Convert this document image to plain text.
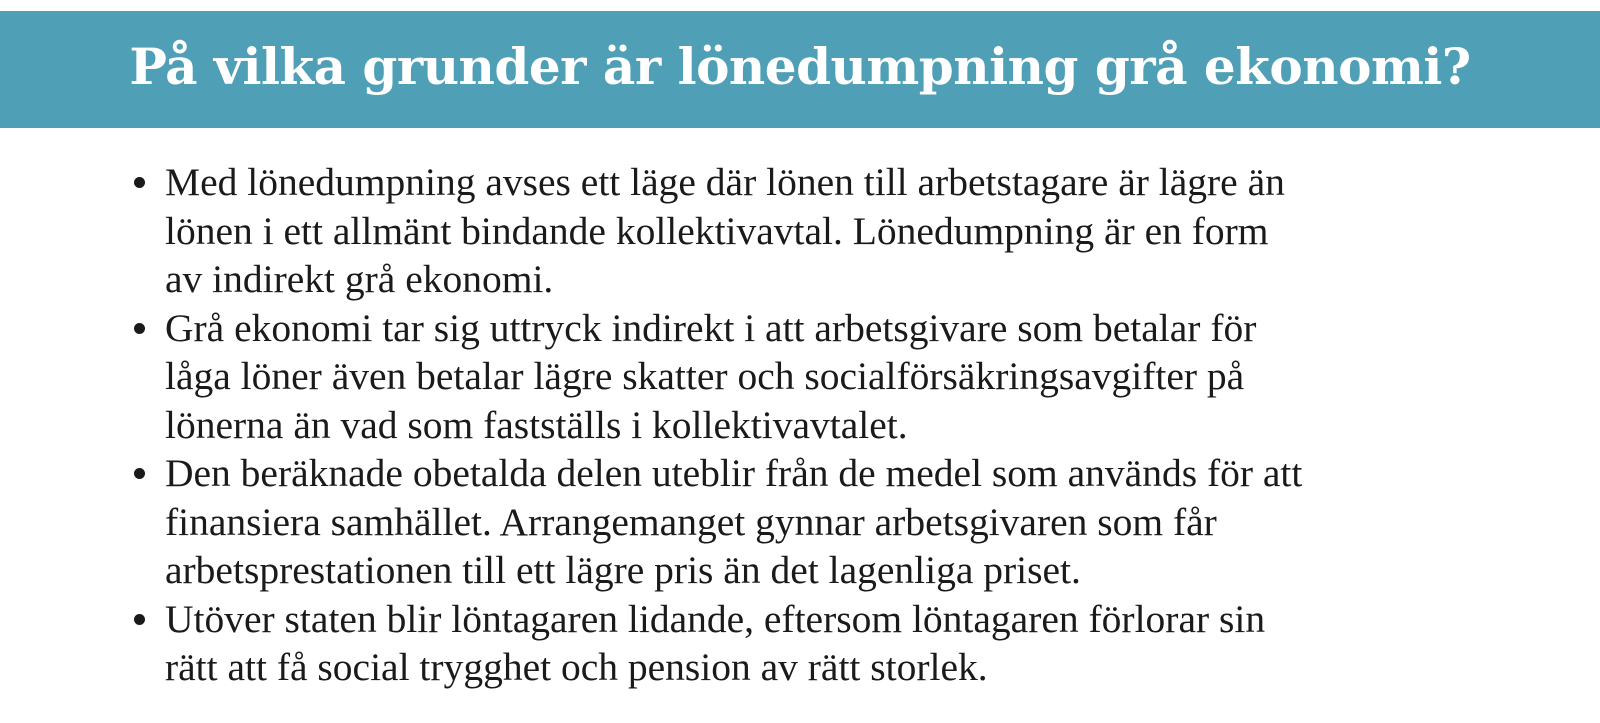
På vilka grunder är lönedumpning grå ekonomi?
Med lönedumpning avses ett läge där lönen till arbetstagare är lägre än
lönen i ett allmänt bindande kollektivavtal. Lönedumpning är en form
av indirekt grå ekonomi.
Grå ekonomi tar sig uttryck indirekt i att arbetsgivare som betalar för
låga löner även betalar lägre skatter och socialförsäkringsavgifter på
lönerna än vad som fastställs i kollektivavtalet.
Den beräknade obetalda delen uteblir från de medel som används för att
finansiera samhället. Arrangemanget gynnar arbetsgivaren som får
arbetsprestationen till ett lägre pris än det lagenliga priset.
Utöver staten blir löntagaren lidande, eftersom löntagaren förlorar sin
rätt att få social trygghet och pension av rätt storlek.
